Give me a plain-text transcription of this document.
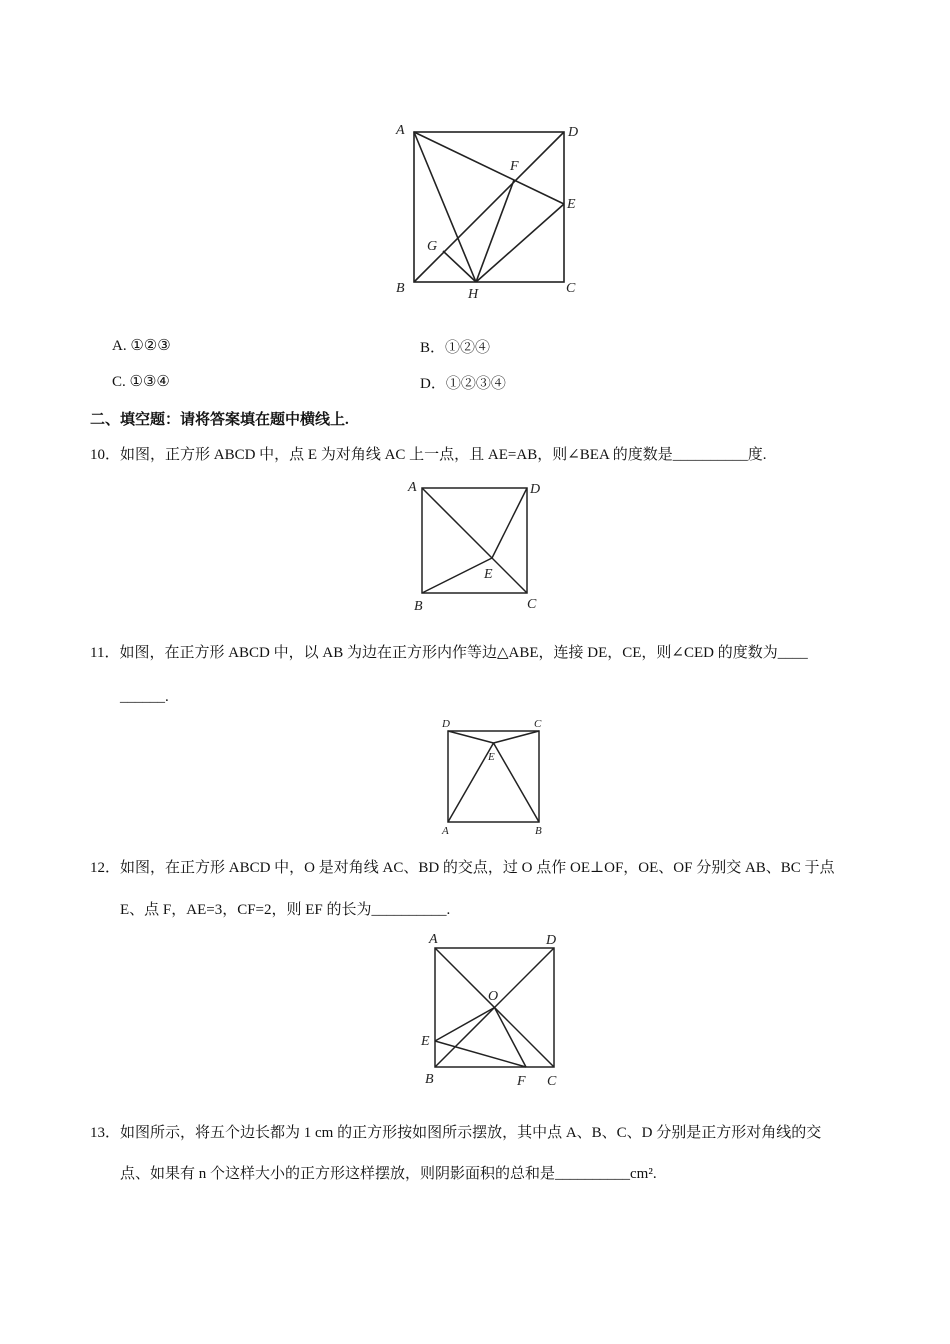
A	D
F
E
G
B	H	C
A. ①②③	B．①②④
C. ①③④	D．①②③④
二、填空题：请将答案填在题中横线上.
10．如图，正方形 ABCD 中，点 E 为对角线 AC 上一点，且 AE=AB，则∠BEA 的度数是__________度.
A	D
E
B	C
11．如图，在正方形 ABCD 中，以 AB 为边在正方形内作等边△ABE，连接 DE，CE，则∠CED 的度数为____
______.
D	C
E
A	B
12．如图，在正方形 ABCD 中，O 是对角线 AC、BD 的交点，过 O 点作 OE⊥OF，OE、OF 分别交 AB、BC 于点
E、点 F，AE=3，CF=2，则 EF 的长为__________.
A	D
O
E
B	F C
13．如图所示，将五个边长都为 1 cm 的正方形按如图所示摆放，其中点 A、B、C、D 分别是正方形对角线的交
点、如果有 n 个这样大小的正方形这样摆放，则阴影面积的总和是__________cm².
